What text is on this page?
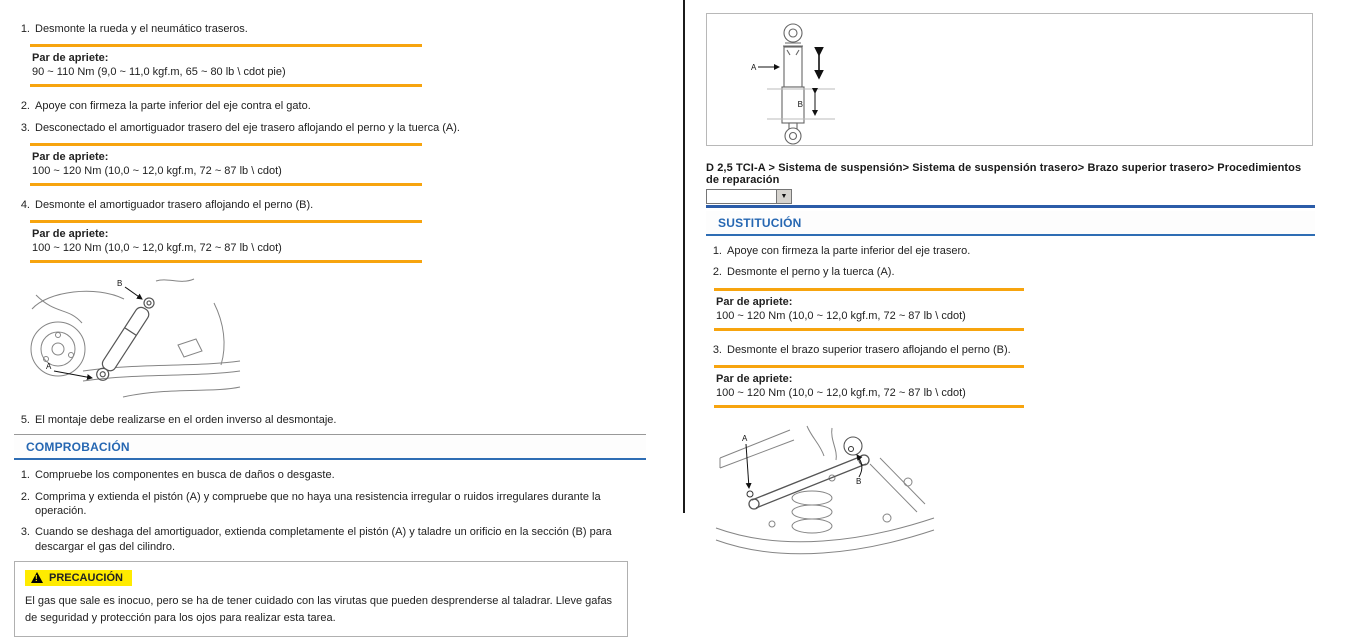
1. Desmonte la rueda y el neumático traseros.
Par de apriete:
90 ~ 110 Nm (9,0 ~ 11,0 kgf.m, 65 ~ 80 lb \ cdot pie)
2. Apoye con firmeza la parte inferior del eje contra el gato.
3. Desconectado el amortiguador trasero del eje trasero aflojando el perno y la tuerca (A).
Par de apriete:
100 ~ 120 Nm (10,0 ~ 12,0 kgf.m, 72 ~ 87 lb \ cdot)
4. Desmonte el amortiguador trasero aflojando el perno (B).
Par de apriete:
100 ~ 120 Nm (10,0 ~ 12,0 kgf.m, 72 ~ 87 lb \ cdot)
B
A
5. El montaje debe realizarse en el orden inverso al desmontaje.
COMPROBACIÓN
1. Compruebe los componentes en busca de daños o desgaste.
2. Comprima y extienda el pistón (A) y compruebe que no haya una resistencia irregular o ruidos irregulares durante la operación.
3. Cuando se deshaga del amortiguador, extienda completamente el pistón (A) y taladre un orificio en la sección (B) para descargar el gas del cilindro.
!
PRECAUCIÓN
El gas que sale es inocuo, pero se ha de tener cuidado con las virutas que pueden desprenderse al taladrar. Lleve gafas de seguridad y protección para los ojos para realizar esta tarea.
A
B
D 2,5 TCI-A > Sistema de suspensión> Sistema de suspensión trasero> Brazo superior trasero> Procedimientos de reparación
▼
SUSTITUCIÓN
1. Apoye con firmeza la parte inferior del eje trasero.
2. Desmonte el perno y la tuerca (A).
Par de apriete:
100 ~ 120 Nm (10,0 ~ 12,0 kgf.m, 72 ~ 87 lb \ cdot)
3. Desmonte el brazo superior trasero aflojando el perno (B).
Par de apriete:
100 ~ 120 Nm (10,0 ~ 12,0 kgf.m, 72 ~ 87 lb \ cdot)
A
B
